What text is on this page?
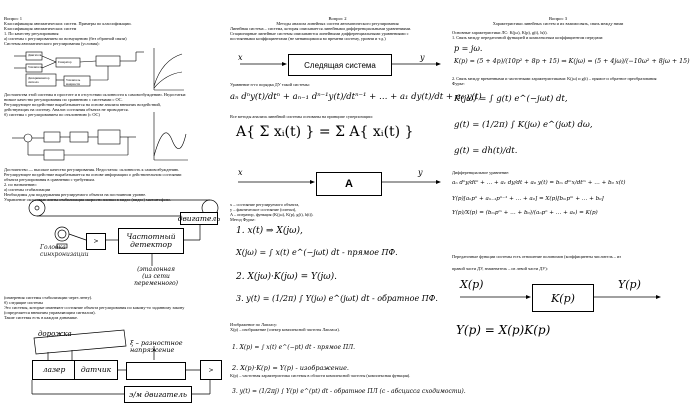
Вопрос 1

Классификация автоматических систем. Примеры по классификации.

Классификация автоматических систем

1. По качеству регулирования

а) системы с регулированием по возмущению (без обратной связи)

Системы автоматического регулирования (условия):

Двигатель
Усилитель
Генератор
Дискриминатор сигнала	Усилитель мощности

Достоинства этой системы в простоте и в отсутствии склонности к самовозбуждению. Недостатки:

низкое качество регулирования по сравнению с системами с ОС.

Регулирующее воздействие вырабатывается на основе анализа внешних воздействий,

действующих на систему. Анализ состояния объекта не проводится.

б) системы с регулированием по отклонению (с ОС)

Достоинство — высокое качество регулирования. Недостаток: склонность к самовозбуждению.

Регулирующее воздействие вырабатывается на основе информации о действительном состоянии

объекта регулирования в сравнении с требуемым.

2. по назначению:

а) системы стабилизации

Необходимы для поддержания регулируемого объекта на постоянном уровне.

Управление скоростью ленты стабилизация скорости пленки в видео (видео) магнитофоне.

двигатель
Головка синхронизации
>
Частотный
детектор
(эталонная
(из сети
переменного)

(измерения системы стабилизации через ленту).

б) следящие системы

Это системы, которые изменяют состояние объекта регулирования по какому-то заданному закону

(определяется внешним управляющим сигналом).

Такие системы есть в каждом динамике.

дорожка
ξ – разностное
напряжение
лазер датчик	>
э/м двигатель
Вопрос 2
Методы анализа линейных систем автоматического регулирования

Линейная система – система, которая описывается линейными дифференциальными уравнениями.

Стационарные линейные системы описываются линейными дифференциальными уравнениями с

постоянными коэффициентами (не меняющимися во времени систему, уровни и т.д.)

x	y
Следящая система
Уравнение n-го порядка ДУ такой системы:
aₙ dⁿy(t)/dtⁿ + aₙ₋₁ dⁿ⁻¹y(t)/dtⁿ⁻¹ + … + a₁ dy(t)/dt + a₀ y(t)
Все методы анализа линейной системы основаны на принципе суперпозиции:
A{ Σ xᵢ(t) } = Σ A{ xᵢ(t) }
x	y
A

x – состояние регулируемого объекта,

y – фактическое состояние (сигнал),

A – оператор, функция (K(jω), K(p), g(t), h(t)).

Метод Фурье:

1. x(t) ⇒ X(jω),
X(jω) = ∫ x(t) e^(−jωt) dt - прямое ПФ.
2. X(jω)·K(jω) = Y(jω).
3. y(t) = (1/2π) ∫ Y(jω) e^(jωt) dt - обратное ПФ.
Изображение по Лапласу:
X(p) – изображение (спектр комплексной частоты Лапласа).
1. X(p) = ∫ x(t) e^(−pt) dt - прямое ПЛ.
2. X(p)·K(p) = Y(p) - изображение.
K(p) – частотная характеристика системы в области комплексной частоты (комплексная функция).
3. y(t) = (1/2πj) ∫ Y(p) e^(pt) dt - обратное ПЛ (c - абсцисса сходимости).
Вопрос 3
Характеристики линейных систем и их взаимосвязь, связь между ними

Основные характеристики ЛС: K(jω), K(p), g(t), h(t).

1. Связь между передаточной функцией и комплексным коэффициентом передачи:

p = jω.
K(p) = (5 + 4p)/(10p² + 8p + 15) ⇒ K(jω) = (5 + 4jω)/(−10ω² + 8jω + 15)
2. Связь между временными и частотными характеристиками: K(jω) и g(t) – прямое и обратное преобразования Фурье:
K(jω) = ∫ g(t) e^(−jωt) dt,
g(t) = (1/2π) ∫ K(jω) e^(jωt) dω,
g(t) = dh(t)/dt.
Дифференциальное уравнение:
aₙ dⁿy/dtⁿ + … + a₁ dy/dt + a₀ y(t) = bₘ dᵐx/dtᵐ + … + b₀ x(t)
Y(p)[aₙpⁿ + aₙ₋₁pⁿ⁻¹ + … + a₀] = X(p)[bₘpᵐ + … + b₀]
Y(p)/X(p) = (bₘpᵐ + … + b₀)/(aₙpⁿ + … + a₀) = K(p)
Передаточные функции системы есть отношение полиномов (коэффициенты числитель – из
правой части ДУ, знаменатель – из левой части ДУ):
X(p)	Y(p)
K(p)
Y(p) = X(p)K(p)
